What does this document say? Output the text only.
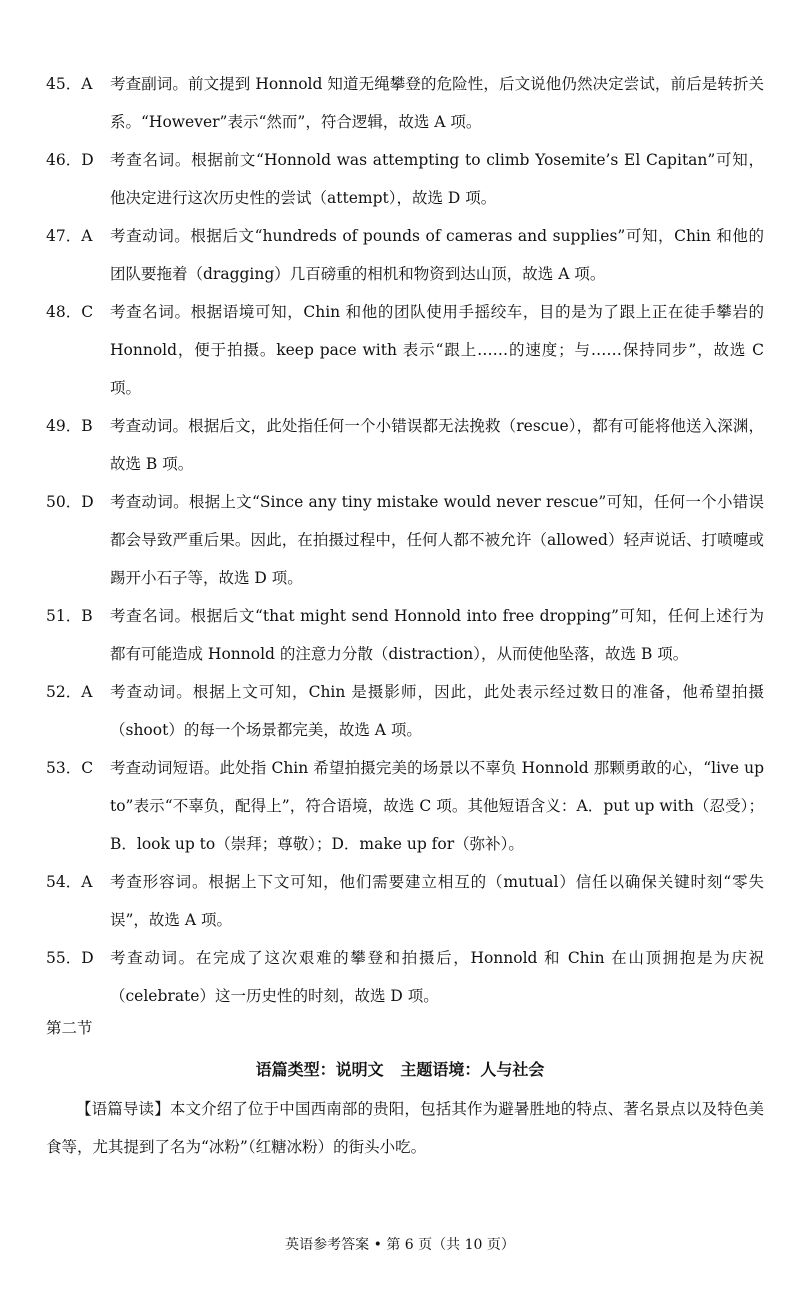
45．A	考查副词。前文提到 Honnold 知道无绳攀登的危险性，后文说他仍然决定尝试，前后是转折关系。“However”表示“然而”，符合逻辑，故选 A 项。
46．D	考查名词。根据前文“Honnold was attempting to climb Yosemite’s El Capitan”可知，他决定进行这次历史性的尝试（attempt），故选 D 项。
47．A	考查动词。根据后文“hundreds of pounds of cameras and supplies”可知，Chin 和他的团队要拖着（dragging）几百磅重的相机和物资到达山顶，故选 A 项。
48．C	考查名词。根据语境可知，Chin 和他的团队使用手摇绞车，目的是为了跟上正在徒手攀岩的 Honnold，便于拍摄。keep pace with 表示“跟上……的速度；与……保持同步”，故选 C 项。
49．B	考查动词。根据后文，此处指任何一个小错误都无法挽救（rescue），都有可能将他送入深渊，故选 B 项。
50．D	考查动词。根据上文“Since any tiny mistake would never rescue”可知，任何一个小错误都会导致严重后果。因此，在拍摄过程中，任何人都不被允许（allowed）轻声说话、打喷嚏或踢开小石子等，故选 D 项。
51．B	考查名词。根据后文“that might send Honnold into free dropping”可知，任何上述行为都有可能造成 Honnold 的注意力分散（distraction），从而使他坠落，故选 B 项。
52．A	考查动词。根据上文可知，Chin 是摄影师，因此，此处表示经过数日的准备，他希望拍摄（shoot）的每一个场景都完美，故选 A 项。
53．C	考查动词短语。此处指 Chin 希望拍摄完美的场景以不辜负 Honnold 那颗勇敢的心，“live up to”表示“不辜负，配得上”，符合语境，故选 C 项。其他短语含义：A．put up with（忍受）；B．look up to（崇拜；尊敬）；D．make up for（弥补）。
54．A	考查形容词。根据上下文可知，他们需要建立相互的（mutual）信任以确保关键时刻“零失误”，故选 A 项。
55．D	考查动词。在完成了这次艰难的攀登和拍摄后，Honnold 和 Chin 在山顶拥抱是为庆祝（celebrate）这一历史性的时刻，故选 D 项。
第二节
语篇类型：说明文 主题语境：人与社会
【语篇导读】本文介绍了位于中国西南部的贵阳，包括其作为避暑胜地的特点、著名景点以及特色美食等，尤其提到了名为“冰粉”（红糖冰粉）的街头小吃。
英语参考答案 • 第 6 页（共 10 页）
